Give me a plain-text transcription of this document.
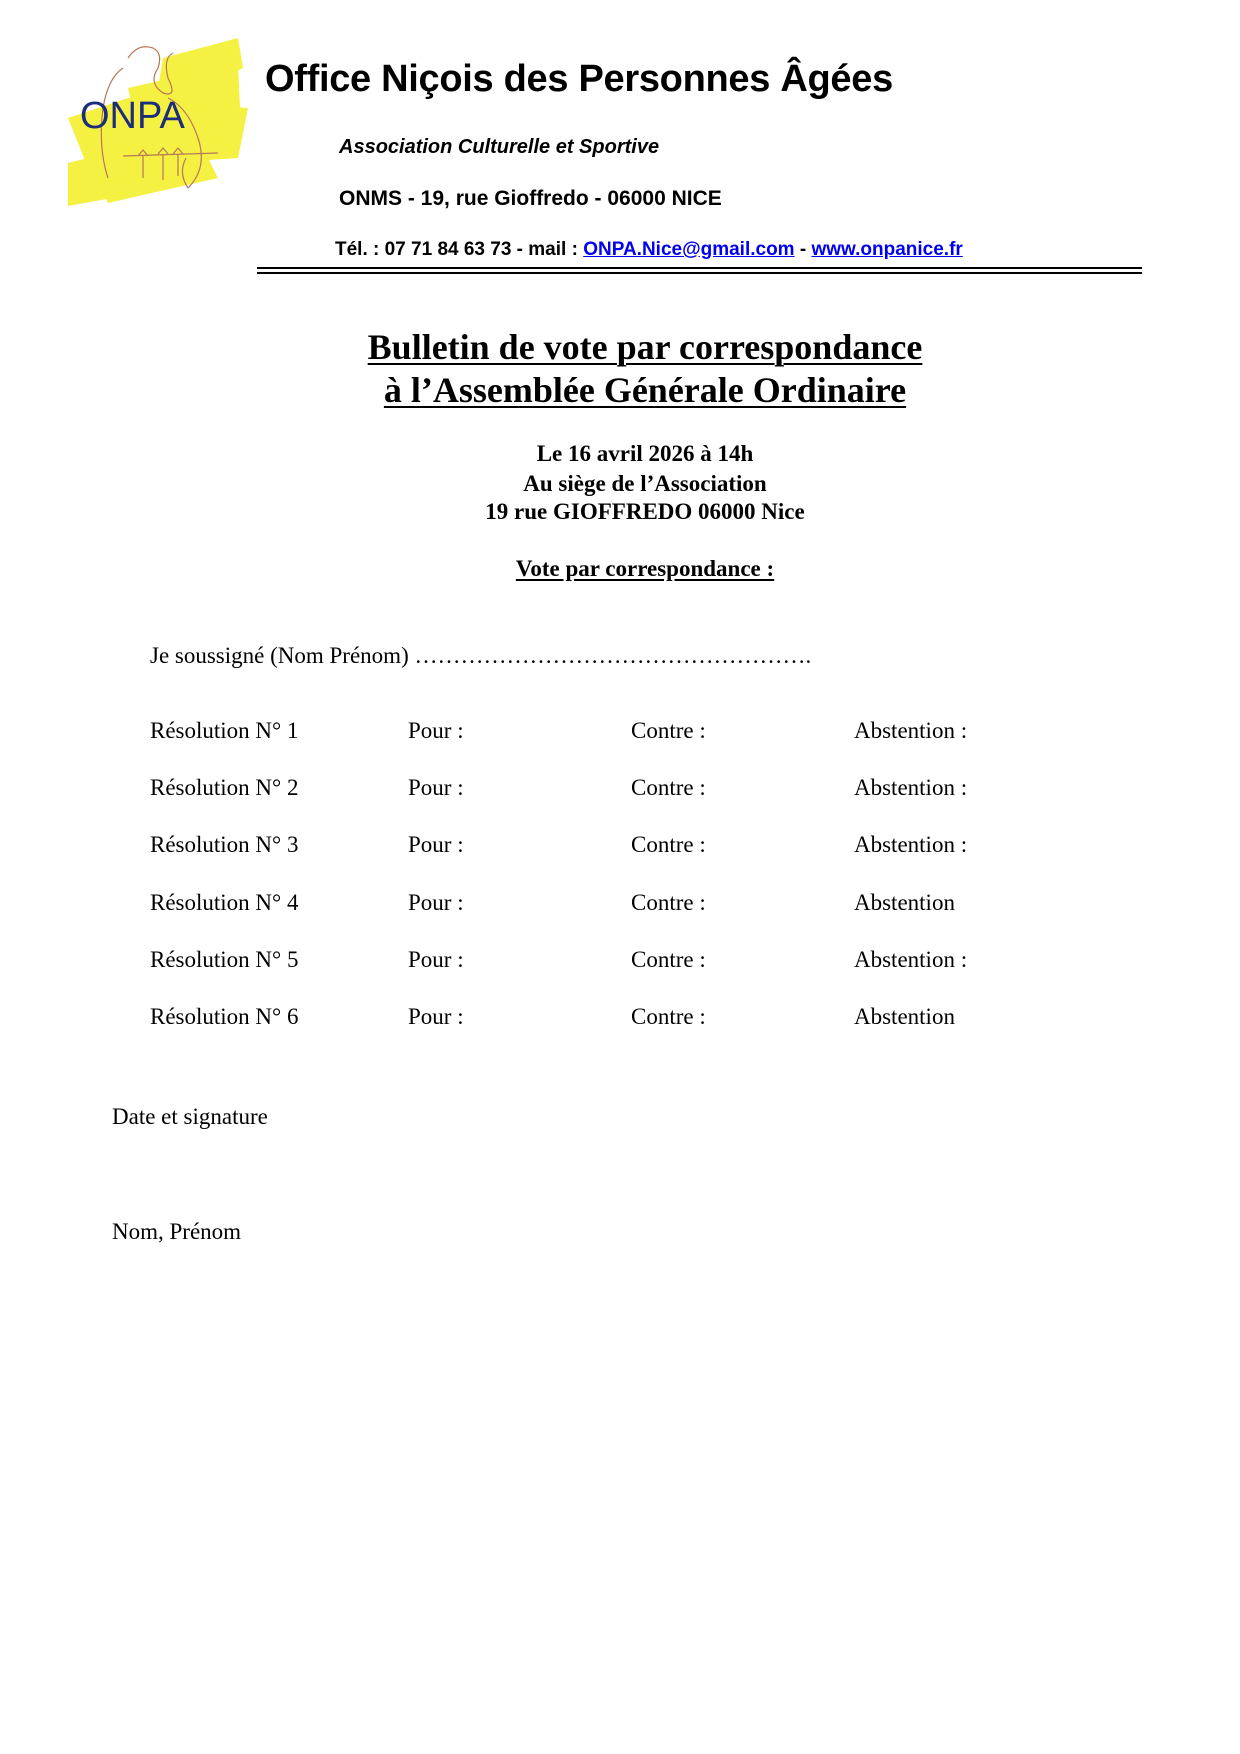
ONPA
Office Niçois des Personnes Âgées
Association Culturelle et Sportive
ONMS - 19, rue Gioffredo - 06000 NICE
Tél. : 07 71 84 63 73 - mail : ONPA.Nice@gmail.com - www.onpanice.fr
Bulletin de vote par correspondance
à l’Assemblée Générale Ordinaire
Le 16 avril 2026 à 14h
Au siège de l’Association
19 rue GIOFFREDO 06000 Nice
Vote par correspondance :
Je soussigné (Nom Prénom) …………………………………………….
Résolution N° 1	Pour :	Contre :	Abstention :
Résolution N° 2	Pour :	Contre :	Abstention :
Résolution N° 3	Pour :	Contre :	Abstention :
Résolution N° 4	Pour :	Contre :	Abstention
Résolution N° 5	Pour :	Contre :	Abstention :
Résolution N° 6	Pour :	Contre :	Abstention
Date et signature
Nom, Prénom
